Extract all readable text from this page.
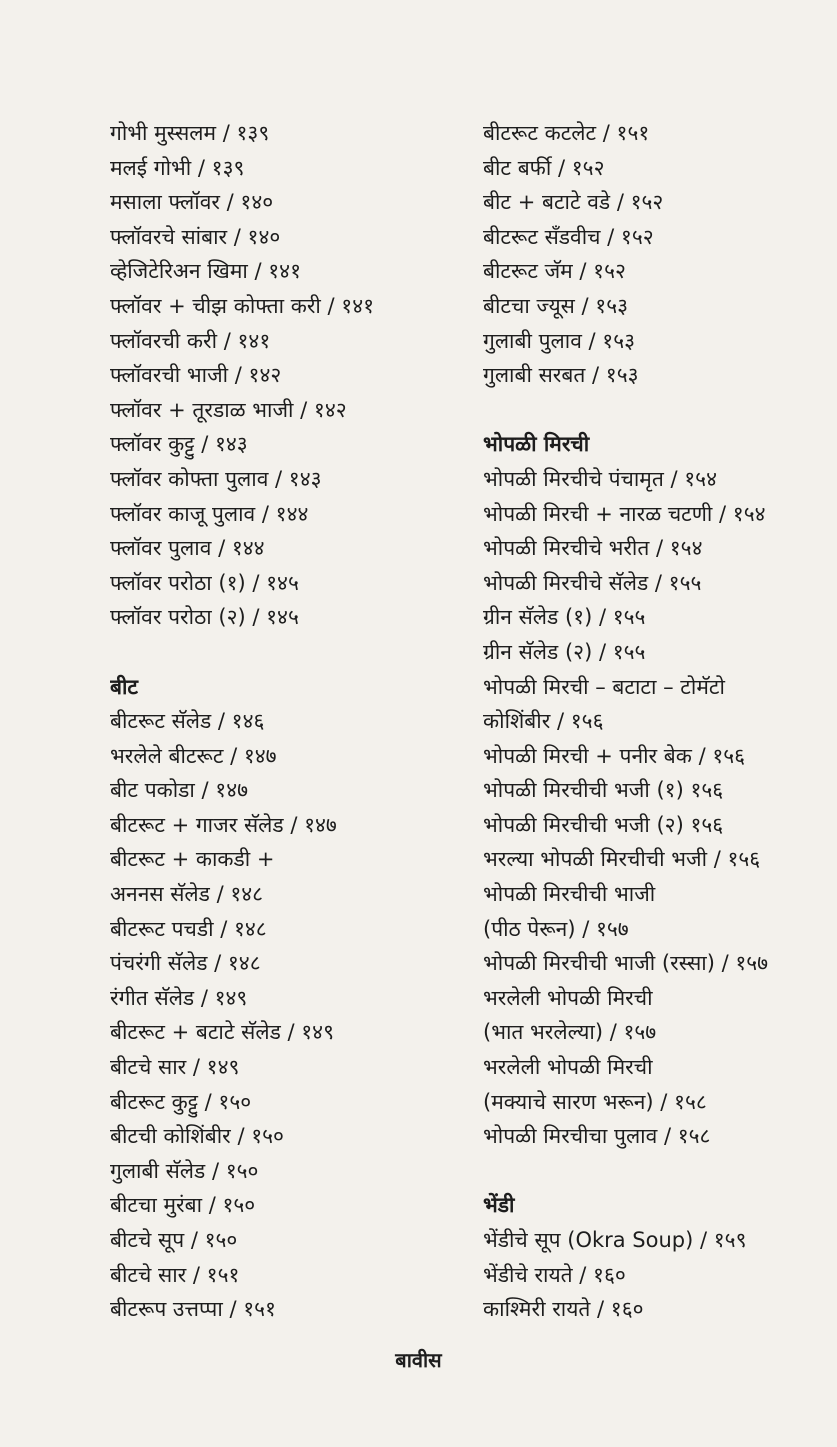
गोभी मुस्सलम / १३९
मलई गोभी / १३९
मसाला फ्लॉवर / १४०
फ्लॉवरचे सांबार / १४०
व्हेजिटेरिअन खिमा / १४१
फ्लॉवर + चीझ कोफ्ता करी / १४१
फ्लॉवरची करी / १४१
फ्लॉवरची भाजी / १४२
फ्लॉवर + तूरडाळ भाजी / १४२
फ्लॉवर कुट्टु / १४३
फ्लॉवर कोफ्ता पुलाव / १४३
फ्लॉवर काजू पुलाव / १४४
फ्लॉवर पुलाव / १४४
फ्लॉवर परोठा (१) / १४५
फ्लॉवर परोठा (२) / १४५
बीट
बीटरूट सॅलेड / १४६
भरलेले बीटरूट / १४७
बीट पकोडा / १४७
बीटरूट + गाजर सॅलेड / १४७
बीटरूट + काकडी +
अननस सॅलेड / १४८
बीटरूट पचडी / १४८
पंचरंगी सॅलेड / १४८
रंगीत सॅलेड / १४९
बीटरूट + बटाटे सॅलेड / १४९
बीटचे सार / १४९
बीटरूट कुट्टु / १५०
बीटची कोशिंबीर / १५०
गुलाबी सॅलेड / १५०
बीटचा मुरंबा / १५०
बीटचे सूप / १५०
बीटचे सार / १५१
बीटरूप उत्तप्पा / १५१
बीटरूट कटलेट / १५१
बीट बर्फी / १५२
बीट + बटाटे वडे / १५२
बीटरूट सँडवीच / १५२
बीटरूट जॅम / १५२
बीटचा ज्यूस / १५३
गुलाबी पुलाव / १५३
गुलाबी सरबत / १५३
भोपळी मिरची
भोपळी मिरचीचे पंचामृत / १५४
भोपळी मिरची + नारळ चटणी / १५४
भोपळी मिरचीचे भरीत / १५४
भोपळी मिरचीचे सॅलेड / १५५
ग्रीन सॅलेड (१) / १५५
ग्रीन सॅलेड (२) / १५५
भोपळी मिरची – बटाटा – टोमॅटो
कोशिंबीर / १५६
भोपळी मिरची + पनीर बेक / १५६
भोपळी मिरचीची भजी (१) १५६
भोपळी मिरचीची भजी (२) १५६
भरल्या भोपळी मिरचीची भजी / १५६
भोपळी मिरचीची भाजी
(पीठ पेरून) / १५७
भोपळी मिरचीची भाजी (रस्सा) / १५७
भरलेली भोपळी मिरची
(भात भरलेल्या) / १५७
भरलेली भोपळी मिरची
(मक्याचे सारण भरून) / १५८
भोपळी मिरचीचा पुलाव / १५८
भेंडी
भेंडीचे सूप (Okra Soup) / १५९
भेंडीचे रायते / १६०
काश्मिरी रायते / १६०
बावीस
